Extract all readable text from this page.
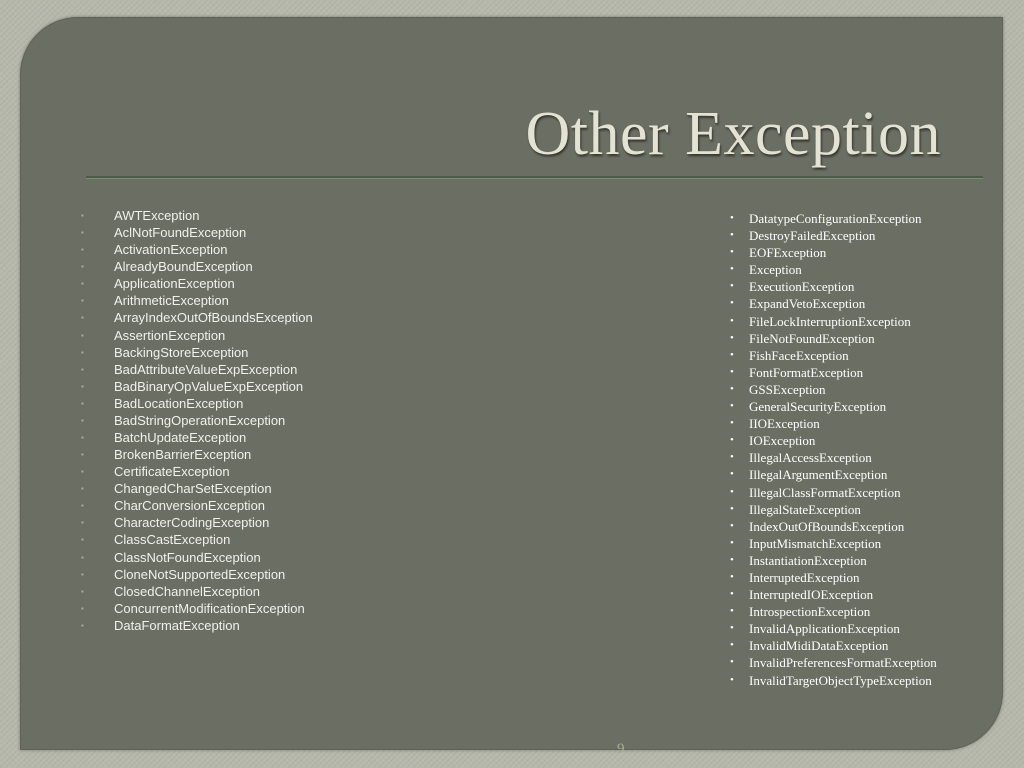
Other Exception
▪ AWTException
▪ AclNotFoundException
▪ ActivationException
▪ AlreadyBoundException
▪ ApplicationException
▪ ArithmeticException
▪ ArrayIndexOutOfBoundsException
▪ AssertionException
▪ BackingStoreException
▪ BadAttributeValueExpException
▪ BadBinaryOpValueExpException
▪ BadLocationException
▪ BadStringOperationException
▪ BatchUpdateException
▪ BrokenBarrierException
▪ CertificateException
▪ ChangedCharSetException
▪ CharConversionException
▪ CharacterCodingException
▪ ClassCastException
▪ ClassNotFoundException
▪ CloneNotSupportedException
▪ ClosedChannelException
▪ ConcurrentModificationException
▪ DataFormatException
• DatatypeConfigurationException
• DestroyFailedException
• EOFException
• Exception
• ExecutionException
• ExpandVetoException
• FileLockInterruptionException
• FileNotFoundException
• FishFaceException
• FontFormatException
• GSSException
• GeneralSecurityException
• IIOException
• IOException
• IllegalAccessException
• IllegalArgumentException
• IllegalClassFormatException
• IllegalStateException
• IndexOutOfBoundsException
• InputMismatchException
• InstantiationException
• InterruptedException
• InterruptedIOException
• IntrospectionException
• InvalidApplicationException
• InvalidMidiDataException
• InvalidPreferencesFormatException
• InvalidTargetObjectTypeException
9
